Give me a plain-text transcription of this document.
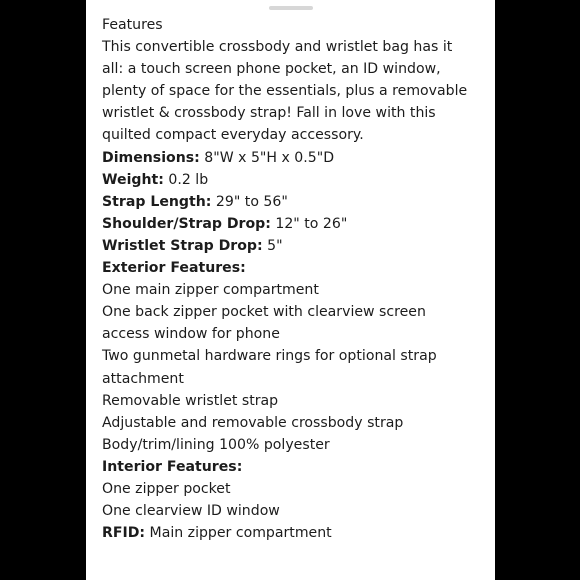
Features
This convertible crossbody and wristlet bag has it all: a touch screen phone pocket, an ID window, plenty of space for the essentials, plus a removable wristlet & crossbody strap! Fall in love with this quilted compact everyday accessory.
Dimensions: 8"W x 5"H x 0.5"D
Weight: 0.2 lb
Strap Length: 29" to 56"
Shoulder/Strap Drop: 12" to 26"
Wristlet Strap Drop: 5"
Exterior Features:
One main zipper compartment
One back zipper pocket with clearview screen access window for phone
Two gunmetal hardware rings for optional strap attachment
Removable wristlet strap
Adjustable and removable crossbody strap
Body/trim/lining 100% polyester
Interior Features:
One zipper pocket
One clearview ID window
RFID: Main zipper compartment
